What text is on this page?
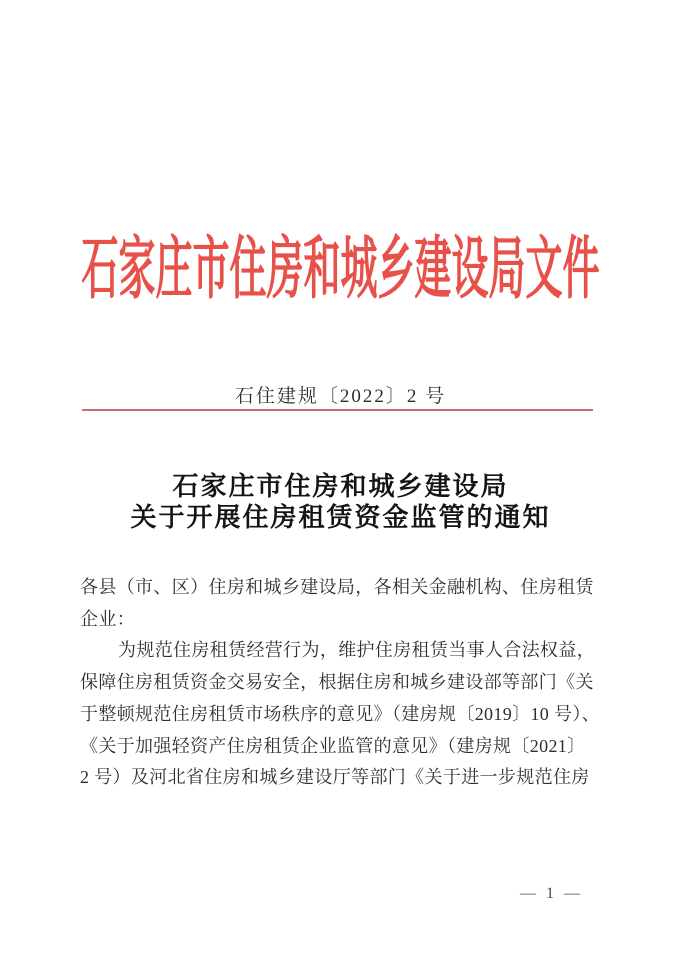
石家庄市住房和城乡建设局文件
石住建规〔2022〕2 号
石家庄市住房和城乡建设局
关于开展住房租赁资金监管的通知
各县（市、区）住房和城乡建设局，各相关金融机构、住房租赁
企业：
为规范住房租赁经营行为，维护住房租赁当事人合法权益，
保障住房租赁资金交易安全，根据住房和城乡建设部等部门《关
于整顿规范住房租赁市场秩序的意见》（建房规〔2019〕10 号）、
《关于加强轻资产住房租赁企业监管的意见》（建房规〔2021〕
2 号）及河北省住房和城乡建设厅等部门《关于进一步规范住房
— 1 —
